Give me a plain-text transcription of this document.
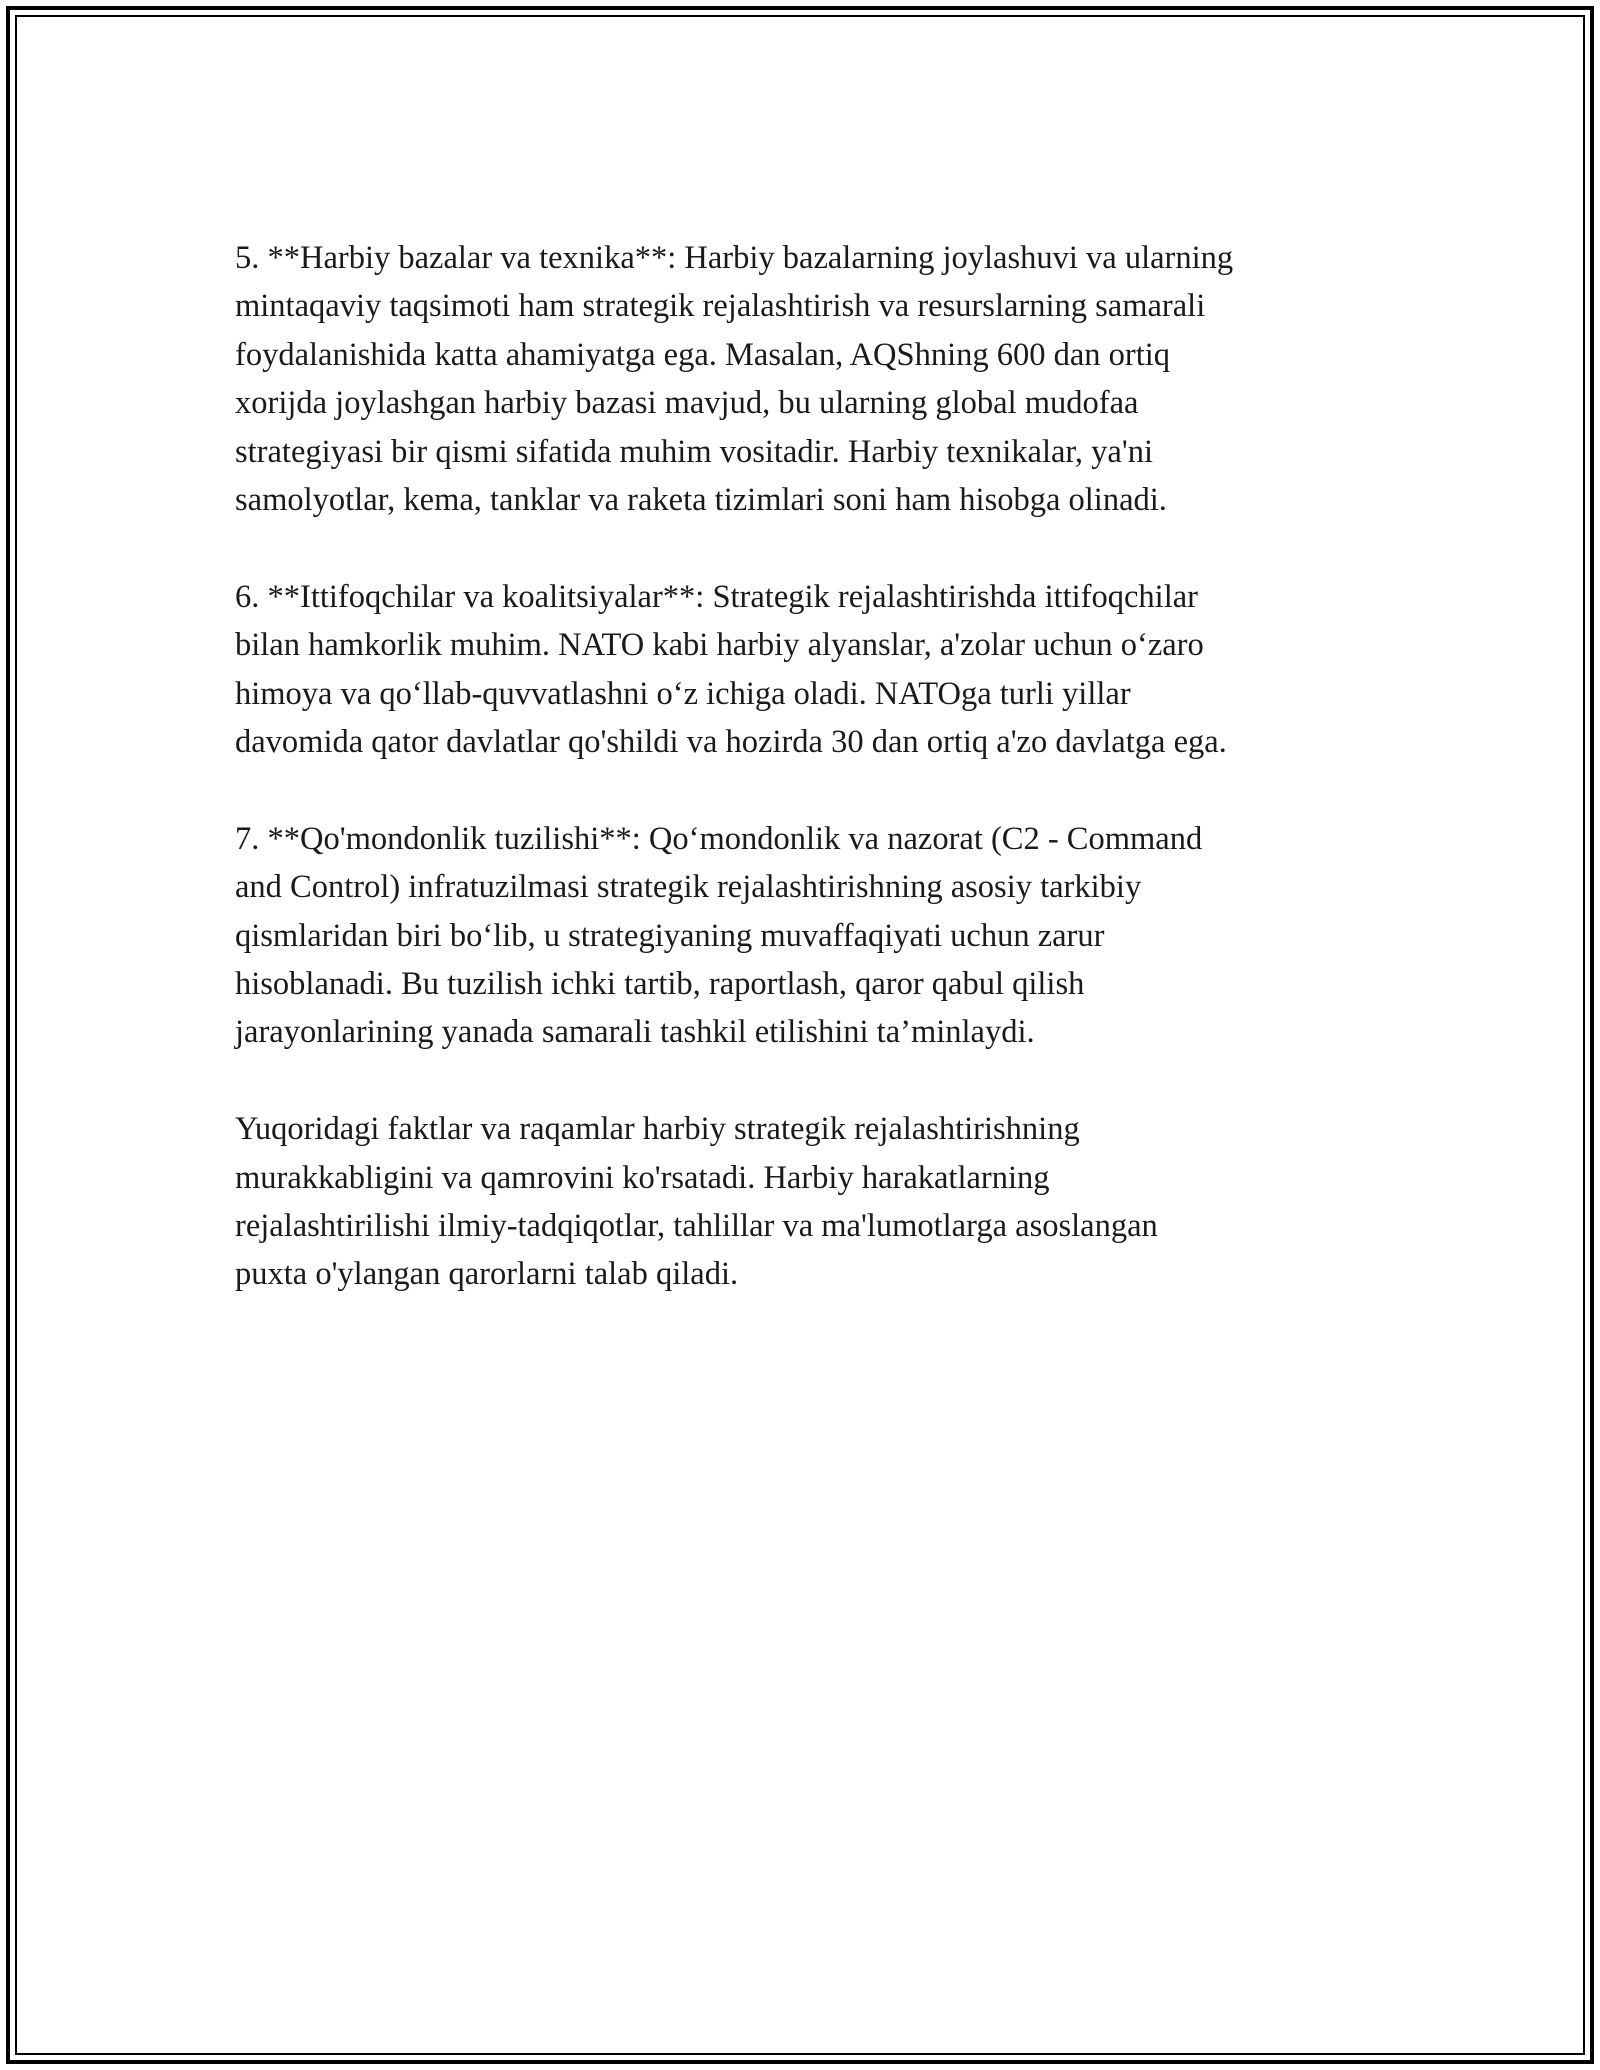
5. **Harbiy bazalar va texnika**: Harbiy bazalarning joylashuvi va ularning
mintaqaviy taqsimoti ham strategik rejalashtirish va resurslarning samarali
foydalanishida katta ahamiyatga ega. Masalan, AQShning 600 dan ortiq
xorijda joylashgan harbiy bazasi mavjud, bu ularning global mudofaa
strategiyasi bir qismi sifatida muhim vositadir. Harbiy texnikalar, ya'ni
samolyotlar, kema, tanklar va raketa tizimlari soni ham hisobga olinadi.

6. **Ittifoqchilar va koalitsiyalar**: Strategik rejalashtirishda ittifoqchilar
bilan hamkorlik muhim. NATO kabi harbiy alyanslar, a'zolar uchun o‘zaro
himoya va qo‘llab-quvvatlashni o‘z ichiga oladi. NATOga turli yillar
davomida qator davlatlar qo'shildi va hozirda 30 dan ortiq a'zo davlatga ega.

7. **Qo'mondonlik tuzilishi**: Qo‘mondonlik va nazorat (C2 - Command
and Control) infratuzilmasi strategik rejalashtirishning asosiy tarkibiy
qismlaridan biri bo‘lib, u strategiyaning muvaffaqiyati uchun zarur
hisoblanadi. Bu tuzilish ichki tartib, raportlash, qaror qabul qilish
jarayonlarining yanada samarali tashkil etilishini ta’minlaydi.

Yuqoridagi faktlar va raqamlar harbiy strategik rejalashtirishning
murakkabligini va qamrovini ko'rsatadi. Harbiy harakatlarning
rejalashtirilishi ilmiy-tadqiqotlar, tahlillar va ma'lumotlarga asoslangan
puxta o'ylangan qarorlarni talab qiladi.
